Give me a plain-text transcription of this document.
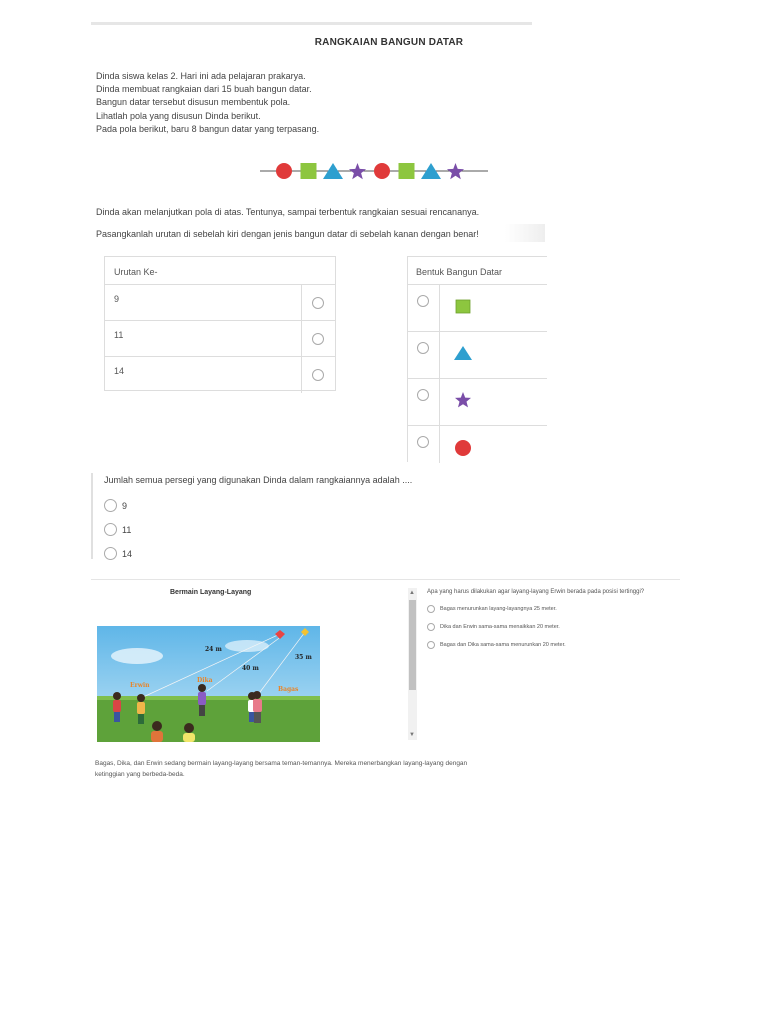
RANGKAIAN BANGUN DATAR

Dinda siswa kelas 2. Hari ini ada pelajaran prakarya.

Dinda membuat rangkaian dari 15 buah bangun datar.

Bangun datar tersebut disusun membentuk pola.

Lihatlah pola yang disusun Dinda berikut.

Pada pola berikut, baru 8 bangun datar yang terpasang.

Dinda akan melanjutkan pola di atas. Tentunya, sampai terbentuk rangkaian sesuai rencananya.
Pasangkanlah urutan di sebelah kiri dengan jenis bangun datar di sebelah kanan dengan benar!
Urutan Ke-
9
11
14
Bentuk Bangun Datar
Jumlah semua persegi yang digunakan Dinda dalam rangkaiannya adalah ....
9
11
14
Bermain Layang-Layang
24 m
40 m
35 m
Erwin
Dika
Bagas
▲
▼
Apa yang harus dilakukan agar layang-layang Erwin berada pada posisi tertinggi?
Bagas menurunkan layang-layangnya 25 meter.
Dika dan Erwin sama-sama menaikkan 20 meter.
Bagas dan Dika sama-sama menurunkan 20 meter.
Bagas, Dika, dan Erwin sedang bermain layang-layang bersama teman-temannya. Mereka menerbangkan layang-layang dengan ketinggian yang berbeda-beda.
